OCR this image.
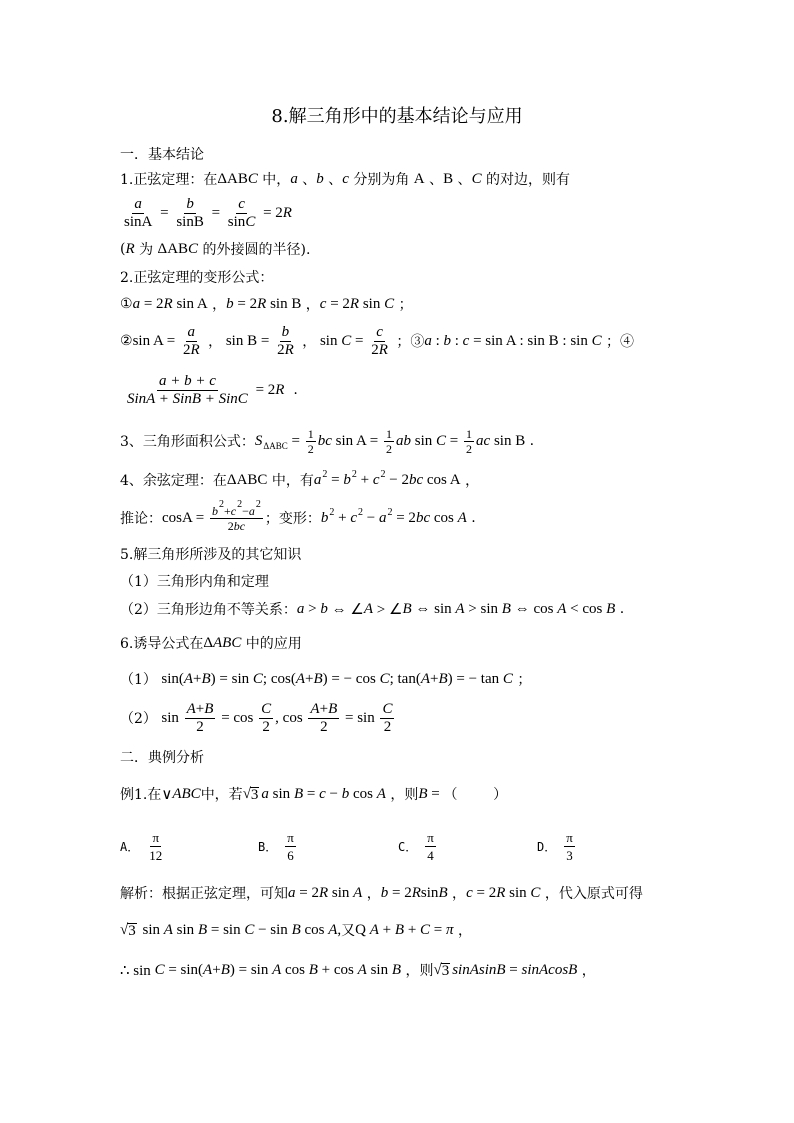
8.解三角形中的基本结论与应用
一．基本结论
1.正弦定理：在 ΔAB C 中， a 、 b 、 c 分别为角 A 、 B 、 C 的对边，则有
$\frac{a}{\sin A} = \frac{b}{\sin B} = \frac{c}{\text{sin C}} = 2$ R
( R 为 ΔAB C 的外接圆的半径).
2.正弦定理的变形公式：
① a = 2 R sin A ， b = 2 R sin B ， c = 2 R sin C ；
② $\sin A = \frac{a}{2 R}$ ， $\sin B = \frac{b}{2 R}$ ， $\sin C = \frac{c}{2 R}$ ；③ a : b : c = sin A : sin B : sin C ；④
$\frac{a + b + c}{\text{SinA + SinB + SinC}} = 2$ R .
3、三角形面积公式： S $\Delta ABC = \frac{1}{2}$ bc $\sin A = \frac{1}{2}$ ab $\sin C = \frac{1}{2}$ ac sin B .
4、余弦定理：在 ΔABC 中，有 a 2 = b 2 + c 2 − 2 bc cos A ，
推论： $\cos A = \frac{b 2 + c 2 - a 2}{2 bc}$ ；变形： b 2 + c 2 − a 2 = 2 bc cos A .
5.解三角形所涉及的其它知识
（1）三角形内角和定理
（2）三角形边角不等关系： a > b ⇔ ∠ A > ∠ B ⇔ sin A > sin B ⇔ cos A < cos B .
6.诱导公式在 Δ ABC 中的应用
（1） sin( A + B ) = sin C ; cos( A + B ) = − cos C ; tan( A + B ) = − tan C ；
（2） $\sin \frac{A + B}{2} = \cos \frac{C}{2}$ , $\cos \frac{A + B}{2} = \sin \frac{C}{2}$
二．典例分析
例1.在 ∨ ABC 中，若 √ 3 a sin B = c − b cos A ，则 B = （        ）
A． $\frac{\pi}{12}$	B． $\frac{\pi}{6}$	C． $\frac{\pi}{4}$	D． $\frac{\pi}{3}$
解析：根据正弦定理，可知 a = 2 R sin A ， b = 2 R sin B ， c = 2 R sin C ，代入原式可得
√ 3 sin A sin B = sin C − sin B cos A , 又 Q A + B + C = π ，
∴ sin C = sin( A + B ) = sin A cos B + cos A sin B ，则 √ 3 sinAsinB = sinAcosB ，
